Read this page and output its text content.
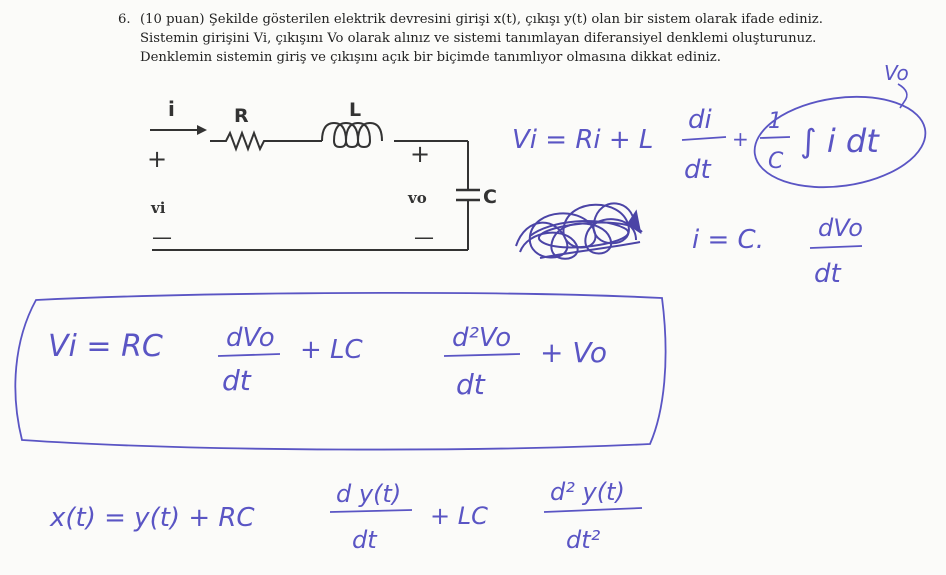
6. (10 puan) Şekilde gösterilen elektrik devresini girişi x(t), çıkışı y(t) olan bir sistem olarak ifade ediniz.
Sistemin girişini Vi, çıkışını Vo olarak alınız ve sistemi tanımlayan diferansiyel denklemi oluşturunuz.
Denklemin sistemin giriş ve çıkışını açık bir biçimde tanımlıyor olmasına dikkat ediniz.
i	R	L
C
+
vi
—
+
vo
—
Vo
Vi = Ri + L
di
dt
+
1
C
∫ i dt
i = C. dVo
dt
Vi = RC dVo
dt
+ LC	d²Vo
dt
+ Vo
x(t) = y(t) + RC
d y(t)
dt
+ LC
d² y(t)
dt²
